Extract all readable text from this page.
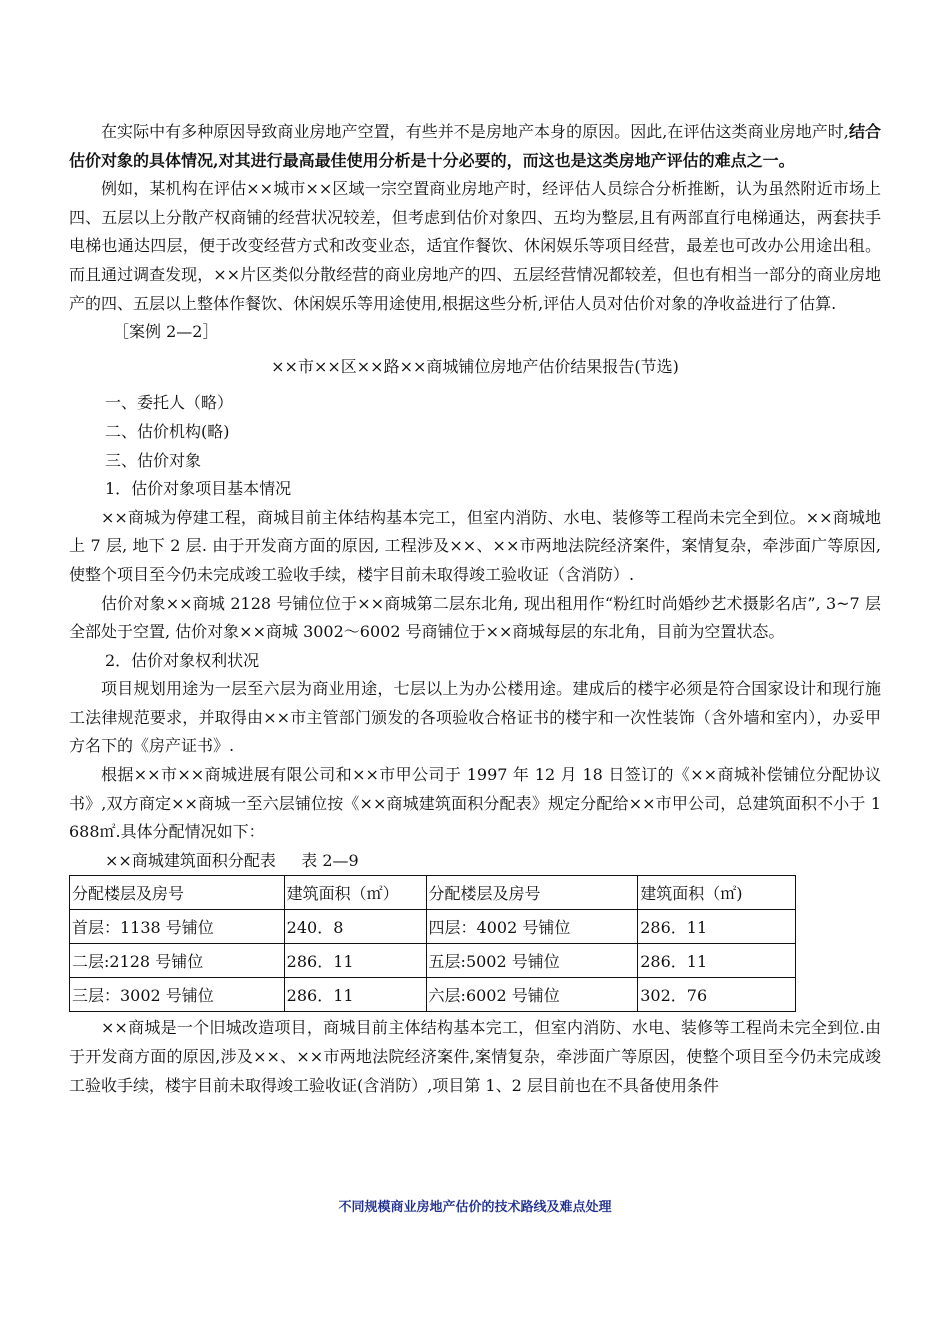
在实际中有多种原因导致商业房地产空置，有些并不是房地产本身的原因。因此,在评估这类商业房地产时,结合估价对象的具体情况,对其进行最高最佳使用分析是十分必要的，而这也是这类房地产评估的难点之一。

例如，某机构在评估××城市××区域一宗空置商业房地产时，经评估人员综合分析推断，认为虽然附近市场上四、五层以上分散产权商铺的经营状况较差，但考虑到估价对象四、五均为整层,且有两部直行电梯通达，两套扶手电梯也通达四层，便于改变经营方式和改变业态，适宜作餐饮、休闲娱乐等项目经营，最差也可改办公用途出租。而且通过调查发现，××片区类似分散经营的商业房地产的四、五层经营情况都较差，但也有相当一部分的商业房地产的四、五层以上整体作餐饮、休闲娱乐等用途使用,根据这些分析,评估人员对估价对象的净收益进行了估算.

［案例 2—2］

××市××区××路××商城铺位房地产估价结果报告(节选)

一、委托人（略）

二、估价机构(略)

三、估价对象

1．估价对象项目基本情况

××商城为停建工程，商城目前主体结构基本完工，但室内消防、水电、装修等工程尚未完全到位。××商城地上 7 层, 地下 2 层. 由于开发商方面的原因, 工程涉及××、××市两地法院经济案件，案情复杂，牵涉面广等原因,使整个项目至今仍未完成竣工验收手续，楼宇目前未取得竣工验收证（含消防）.

估价对象××商城 2128 号铺位位于××商城第二层东北角, 现出租用作“粉红时尚婚纱艺术摄影名店”, 3~7 层全部处于空置, 估价对象××商城 3002～6002 号商铺位于××商城每层的东北角，目前为空置状态。

2．估价对象权利状况

项目规划用途为一层至六层为商业用途，七层以上为办公楼用途。建成后的楼宇必须是符合国家设计和现行施工法律规范要求，并取得由××市主管部门颁发的各项验收合格证书的楼宇和一次性装饰（含外墙和室内），办妥甲方名下的《房产证书》.

根据××市××商城进展有限公司和××市甲公司于 1997 年 12 月 18 日签订的《××商城补偿铺位分配协议书》,双方商定××商城一至六层铺位按《××商城建筑面积分配表》规定分配给××市甲公司，总建筑面积不小于 1688㎡.具体分配情况如下：

××商城建筑面积分配表 表 2—9

分配楼层及房号	建筑面积（㎡）	分配楼层及房号	建筑面积（㎡)
首层：1138 号铺位	240．8	四层：4002 号铺位	286．11
二层:2128 号铺位	286．11	五层:5002 号铺位	286．11
三层：3002 号铺位	286．11	六层:6002 号铺位	302．76

××商城是一个旧城改造项目，商城目前主体结构基本完工，但室内消防、水电、装修等工程尚未完全到位.由于开发商方面的原因,涉及××、××市两地法院经济案件,案情复杂，牵涉面广等原因，使整个项目至今仍未完成竣工验收手续，楼宇目前未取得竣工验收证(含消防）,项目第 1、2 层目前也在不具备使用条件

不同规模商业房地产估价的技术路线及难点处理
